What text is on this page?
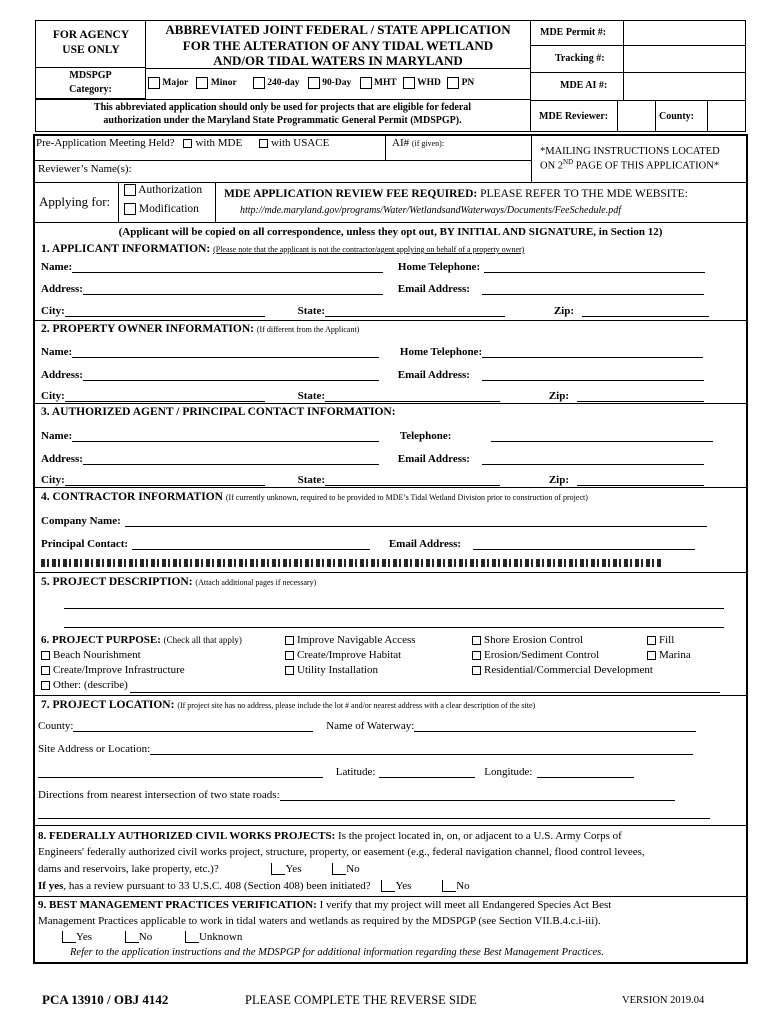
FOR AGENCY USE ONLY
MDSPGP
Category:
ABBREVIATED JOINT FEDERAL / STATE APPLICATION
FOR THE ALTERATION OF ANY TIDAL WETLAND
AND/OR TIDAL WATERS IN MARYLAND
Major Minor	240-day 90-Day MHT WHD PN
This abbreviated application should only be used for projects that are eligible for federal
authorization under the Maryland State Programmatic General Permit (MDSPGP).
MDE Permit #:
Tracking #:
MDE AI #:
MDE Reviewer:	County:
Pre-Application Meeting Held? with MDE	with USACE	AI# (if given):
Reviewer’s Name(s):
*MAILING INSTRUCTIONS LOCATED
ON 2ND PAGE OF THIS APPLICATION*
Applying for:
Authorization
Modification
MDE APPLICATION REVIEW FEE REQUIRED: PLEASE REFER TO THE MDE WEBSITE:
http://mde.maryland.gov/programs/Water/WetlandsandWaterways/Documents/FeeSchedule.pdf
(Applicant will be copied on all correspondence, unless they opt out, BY INITIAL AND SIGNATURE, in Section 12)
1. APPLICANT INFORMATION: (Please note that the applicant is not the contractor/agent applying on behalf of a property owner)
Name:	Home Telephone:
Address:	Email Address:
City:	State:	Zip:
2. PROPERTY OWNER INFORMATION: (If different from the Applicant)
Name:	Home Telephone:
Address:	Email Address:
City:	State:	Zip:
3. AUTHORIZED AGENT / PRINCIPAL CONTACT INFORMATION:
Name:	Telephone:
Address:	Email Address:
City:	State:	Zip:
4. CONTRACTOR INFORMATION (If currently unknown, required to be provided to MDE’s Tidal Wetland Division prior to construction of project)
Company Name:
Principal Contact:	Email Address:
5. PROJECT DESCRIPTION: (Attach additional pages if necessary)
6. PROJECT PURPOSE: (Check all that apply)	Improve Navigable Access	Shore Erosion Control	Fill
Beach Nourishment	Create/Improve Habitat	Erosion/Sediment Control	Marina
Create/Improve Infrastructure	Utility Installation	Residential/Commercial Development
Other: (describe)
7. PROJECT LOCATION: (If project site has no address, please include the lot # and/or nearest address with a clear description of the site)
County:	Name of Waterway:
Site Address or Location:
Latitude:	Longitude:
Directions from nearest intersection of two state roads:
8. FEDERALLY AUTHORIZED CIVIL WORKS PROJECTS: Is the project located in, on, or adjacent to a U.S. Army Corps of
Engineers' federally authorized civil works project, structure, property, or easement (e.g., federal navigation channel, flood control levees,
dams and reservoirs, lake property, etc.)?	Yes	No
If yes, has a review pursuant to 33 U.S.C. 408 (Section 408) been initiated? Yes	No
9. BEST MANAGEMENT PRACTICES VERIFICATION: I verify that my project will meet all Endangered Species Act Best
Management Practices applicable to work in tidal waters and wetlands as required by the MDSPGP (see Section VII.B.4.c.i-iii).
Yes	No	Unknown
Refer to the application instructions and the MDSPGP for additional information regarding these Best Management Practices.
PCA 13910 / OBJ 4142	PLEASE COMPLETE THE REVERSE SIDE	VERSION 2019.04
